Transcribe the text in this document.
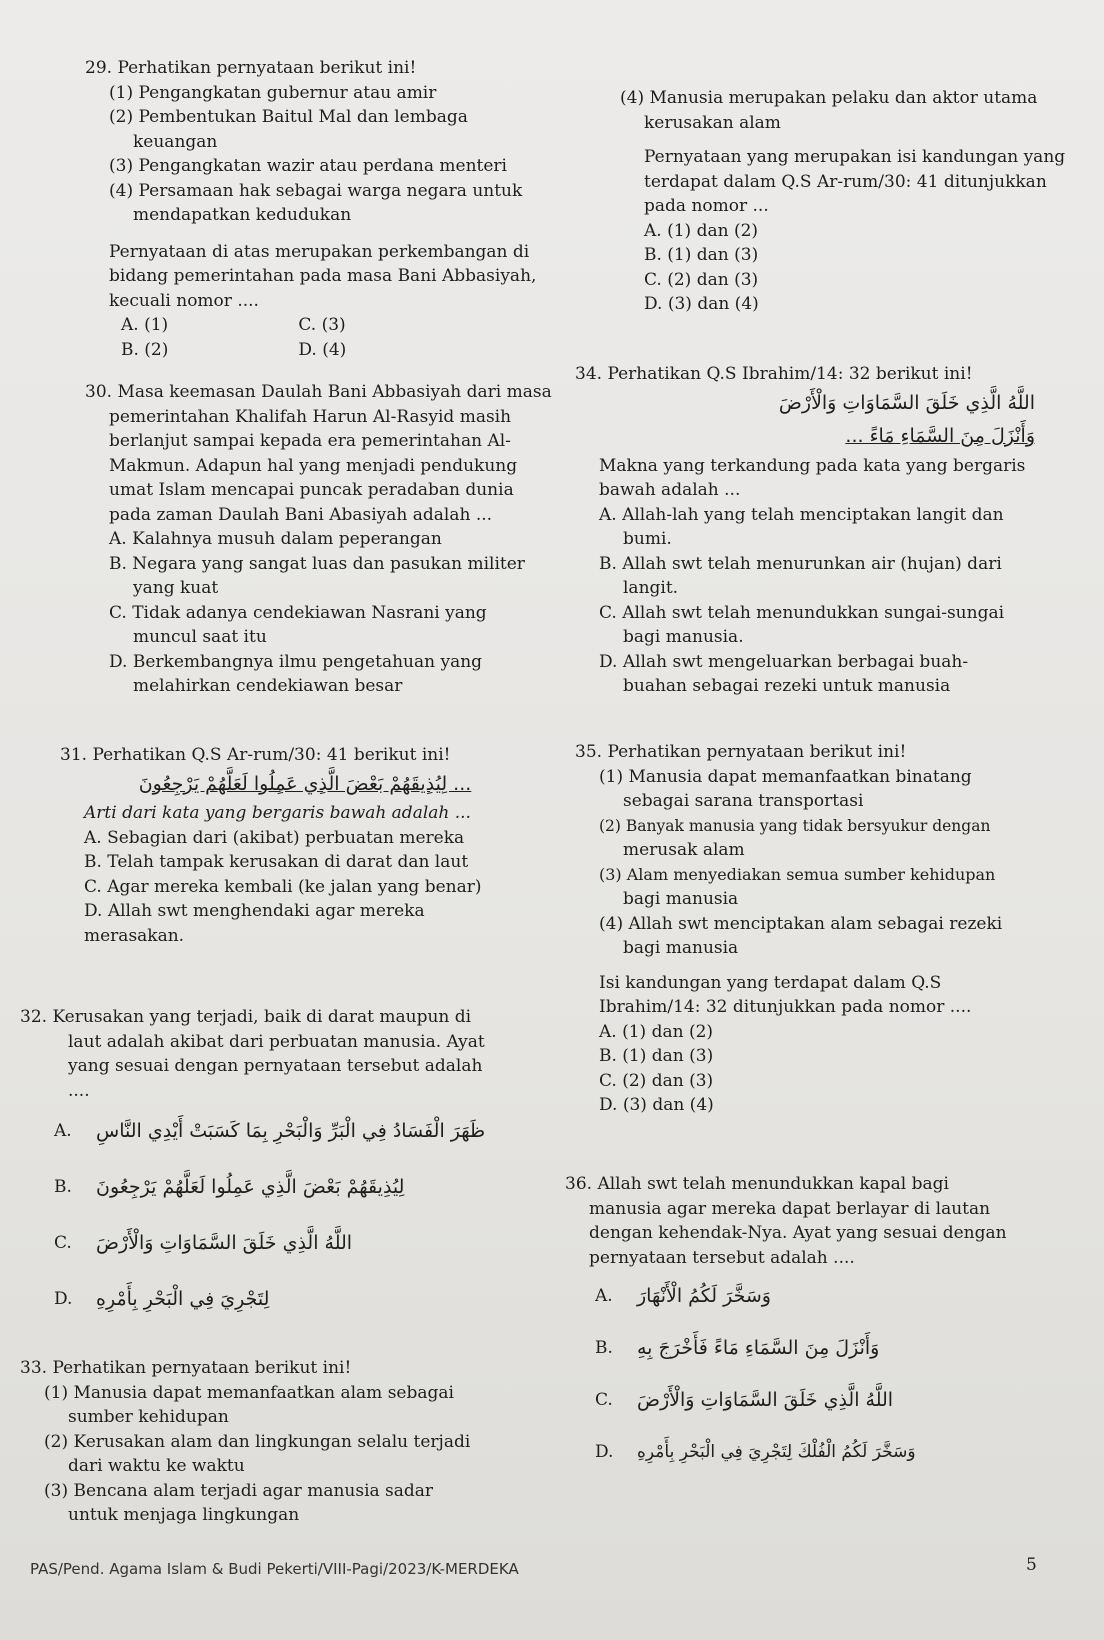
29. Perhatikan pernyataan berikut ini!
(1) Pengangkatan gubernur atau amir
(2) Pembentukan Baitul Mal dan lembaga
keuangan
(3) Pengangkatan wazir atau perdana menteri
(4) Persamaan hak sebagai warga negara untuk
mendapatkan kedudukan
Pernyataan di atas merupakan perkembangan di
bidang pemerintahan pada masa Bani Abbasiyah,
kecuali nomor ....
A. (1)
B. (2)
C. (3)
D. (4)
30. Masa keemasan Daulah Bani Abbasiyah dari masa
pemerintahan Khalifah Harun Al-Rasyid masih
berlanjut sampai kepada era pemerintahan Al-
Makmun. Adapun hal yang menjadi pendukung
umat Islam mencapai puncak peradaban dunia
pada zaman Daulah Bani Abasiyah adalah ...
A. Kalahnya musuh dalam peperangan
B. Negara yang sangat luas dan pasukan militer
yang kuat
C. Tidak adanya cendekiawan Nasrani yang
muncul saat itu
D. Berkembangnya ilmu pengetahuan yang
melahirkan cendekiawan besar
31. Perhatikan Q.S Ar-rum/30: 41 berikut ini!
... لِيُذِيقَهُمْ بَعْضَ الَّذِي عَمِلُوا لَعَلَّهُمْ يَرْجِعُونَ
Arti dari kata yang bergaris bawah adalah ...
A. Sebagian dari (akibat) perbuatan mereka
B. Telah tampak kerusakan di darat dan laut
C. Agar mereka kembali (ke jalan yang benar)
D. Allah swt menghendaki agar mereka
merasakan.
32. Kerusakan yang terjadi, baik di darat maupun di
laut adalah akibat dari perbuatan manusia. Ayat
yang sesuai dengan pernyataan tersebut adalah
....
A.	ظَهَرَ الْفَسَادُ فِي الْبَرِّ وَالْبَحْرِ بِمَا كَسَبَتْ أَيْدِي النَّاسِ
B.	لِيُذِيقَهُمْ بَعْضَ الَّذِي عَمِلُوا لَعَلَّهُمْ يَرْجِعُونَ
C.	اللَّهُ الَّذِي خَلَقَ السَّمَاوَاتِ وَالْأَرْضَ
D.	لِتَجْرِيَ فِي الْبَحْرِ بِأَمْرِهِ
33. Perhatikan pernyataan berikut ini!
(1) Manusia dapat memanfaatkan alam sebagai
sumber kehidupan
(2) Kerusakan alam dan lingkungan selalu terjadi
dari waktu ke waktu
(3) Bencana alam terjadi agar manusia sadar
untuk menjaga lingkungan
(4) Manusia merupakan pelaku dan aktor utama
kerusakan alam
Pernyataan yang merupakan isi kandungan yang
terdapat dalam Q.S Ar-rum/30: 41 ditunjukkan
pada nomor ...
A. (1) dan (2)
B. (1) dan (3)
C. (2) dan (3)
D. (3) dan (4)
34. Perhatikan Q.S Ibrahim/14: 32 berikut ini!
اللَّهُ الَّذِي خَلَقَ السَّمَاوَاتِ وَالْأَرْضَ
وَأَنْزَلَ مِنَ السَّمَاءِ مَاءً ...
Makna yang terkandung pada kata yang bergaris
bawah adalah ...
A. Allah-lah yang telah menciptakan langit dan
bumi.
B. Allah swt telah menurunkan air (hujan) dari
langit.
C. Allah swt telah menundukkan sungai-sungai
bagi manusia.
D. Allah swt mengeluarkan berbagai buah-
buahan sebagai rezeki untuk manusia
35. Perhatikan pernyataan berikut ini!
(1) Manusia dapat memanfaatkan binatang
sebagai sarana transportasi
(2) Banyak manusia yang tidak bersyukur dengan
merusak alam
(3) Alam menyediakan semua sumber kehidupan
bagi manusia
(4) Allah swt menciptakan alam sebagai rezeki
bagi manusia
Isi kandungan yang terdapat dalam Q.S
Ibrahim/14: 32 ditunjukkan pada nomor ....
A. (1) dan (2)
B. (1) dan (3)
C. (2) dan (3)
D. (3) dan (4)
36. Allah swt telah menundukkan kapal bagi
manusia agar mereka dapat berlayar di lautan
dengan kehendak-Nya. Ayat yang sesuai dengan
pernyataan tersebut adalah ....
A.	وَسَخَّرَ لَكُمُ الْأَنْهَارَ
B.	وَأَنْزَلَ مِنَ السَّمَاءِ مَاءً فَأَخْرَجَ بِهِ
C.	اللَّهُ الَّذِي خَلَقَ السَّمَاوَاتِ وَالْأَرْضَ
D.	وَسَخَّرَ لَكُمُ الْفُلْكَ لِتَجْرِيَ فِي الْبَحْرِ بِأَمْرِهِ
PAS/Pend. Agama Islam & Budi Pekerti/VIII-Pagi/2023/K-MERDEKA	5
